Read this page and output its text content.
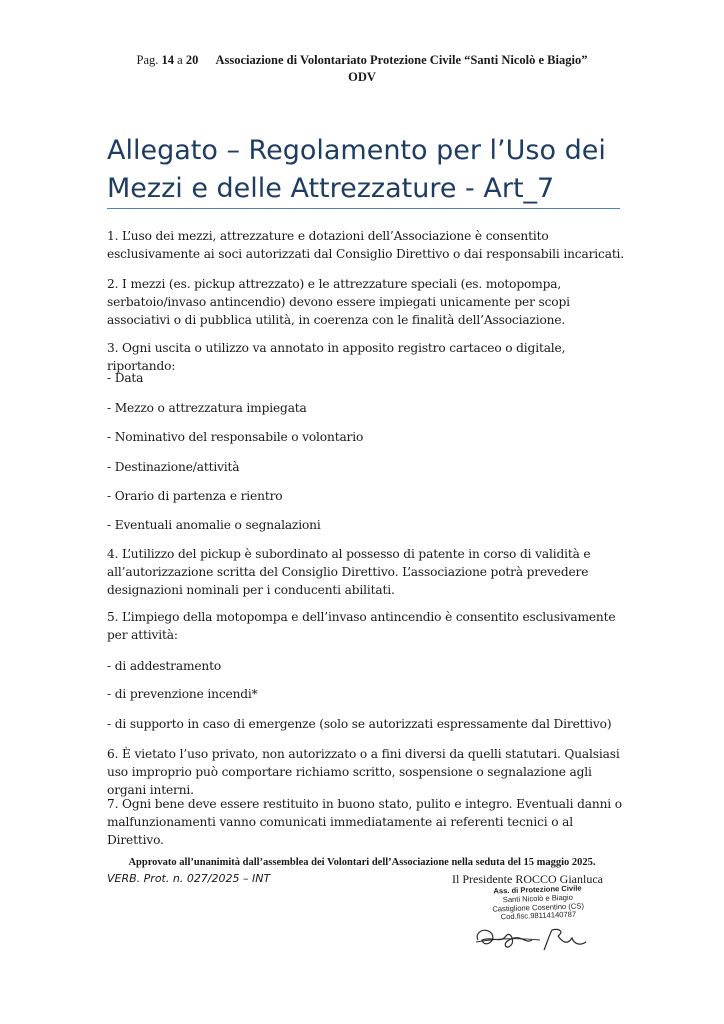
Pag. 14 a 20 Associazione di Volontariato Protezione Civile “Santi Nicolò e Biagio”
ODV
Allegato – Regolamento per l’Uso dei Mezzi e delle Attrezzature - Art_7

1. L’uso dei mezzi, attrezzature e dotazioni dell’Associazione è consentito esclusivamente ai soci autorizzati dal Consiglio Direttivo o dai responsabili incaricati.

2. I mezzi (es. pickup attrezzato) e le attrezzature speciali (es. motopompa, serbatoio/invaso antincendio) devono essere impiegati unicamente per scopi associativi o di pubblica utilità, in coerenza con le finalità dell’Associazione.

3. Ogni uscita o utilizzo va annotato in apposito registro cartaceo o digitale, riportando:

- Data

- Mezzo o attrezzatura impiegata

- Nominativo del responsabile o volontario

- Destinazione/attività

- Orario di partenza e rientro

- Eventuali anomalie o segnalazioni

4. L’utilizzo del pickup è subordinato al possesso di patente in corso di validità e all’autorizzazione scritta del Consiglio Direttivo. L’associazione potrà prevedere designazioni nominali per i conducenti abilitati.

5. L’impiego della motopompa e dell’invaso antincendio è consentito esclusivamente per attività:

- di addestramento

- di prevenzione incendi*

- di supporto in caso di emergenze (solo se autorizzati espressamente dal Direttivo)

6. È vietato l’uso privato, non autorizzato o a fini diversi da quelli statutari. Qualsiasi uso improprio può comportare richiamo scritto, sospensione o segnalazione agli organi interni.

7. Ogni bene deve essere restituito in buono stato, pulito e integro. Eventuali danni o malfunzionamenti vanno comunicati immediatamente ai referenti tecnici o al Direttivo.

Approvato all’unanimità dall’assemblea dei Volontari dell’Associazione nella seduta del 15 maggio 2025.
VERB. Prot. n. 027/2025 – INT	Il Presidente ROCCO Gianluca
Ass. di Protezione Civile
Santi Nicolò e Biagio
Castiglione Cosentino (CS)
Cod.fisc.98114140787
